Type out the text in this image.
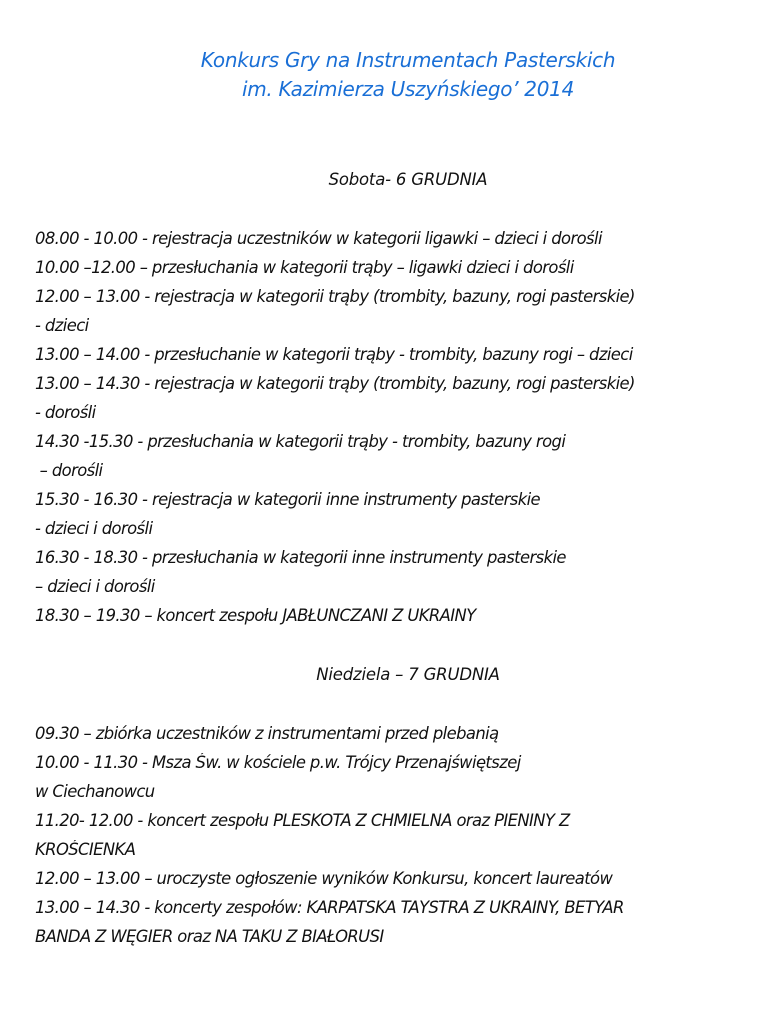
Konkurs Gry na Instrumentach Pasterskich
im. Kazimierza Uszyńskiego’ 2014
Sobota- 6 GRUDNIA
08.00 - 10.00 - rejestracja uczestników w kategorii ligawki – dzieci i dorośli
10.00 –12.00 – przesłuchania w kategorii trąby – ligawki dzieci i dorośli
12.00 – 13.00 - rejestracja w kategorii trąby (trombity, bazuny, rogi pasterskie)
- dzieci
13.00 – 14.00 - przesłuchanie w kategorii trąby - trombity, bazuny rogi – dzieci
13.00 – 14.30 - rejestracja w kategorii trąby (trombity, bazuny, rogi pasterskie)
- dorośli
14.30 -15.30 - przesłuchania w kategorii trąby - trombity, bazuny rogi
– dorośli
15.30 - 16.30 - rejestracja w kategorii inne instrumenty pasterskie
- dzieci i dorośli
16.30 - 18.30 - przesłuchania w kategorii inne instrumenty pasterskie
– dzieci i dorośli
18.30 – 19.30 – koncert zespołu JABŁUNCZANI Z UKRAINY
Niedziela – 7 GRUDNIA
09.30 – zbiórka uczestników z instrumentami przed plebanią
10.00 - 11.30 - Msza Św. w kościele p.w. Trójcy Przenajświętszej
w Ciechanowcu
11.20- 12.00 - koncert zespołu PLESKOTA Z CHMIELNA oraz PIENINY Z
KROŚCIENKA
12.00 – 13.00 – uroczyste ogłoszenie wyników Konkursu, koncert laureatów
13.00 – 14.30 - koncerty zespołów: KARPATSKA TAYSTRA Z UKRAINY, BETYAR
BANDA Z WĘGIER oraz NA TAKU Z BIAŁORUSI
